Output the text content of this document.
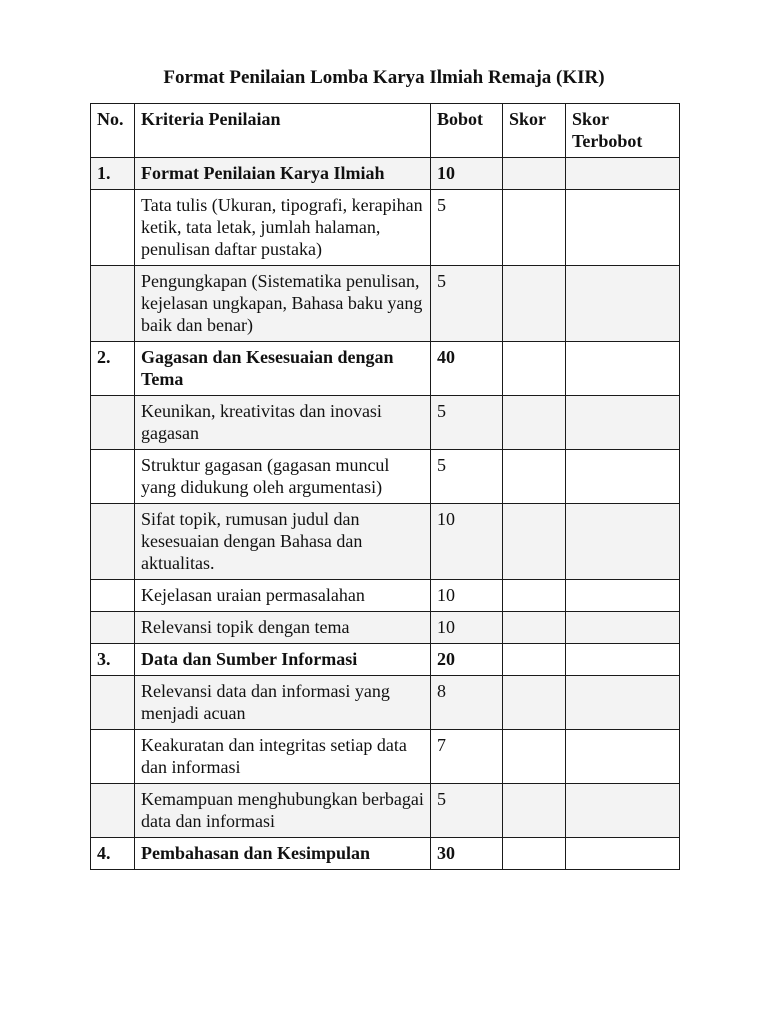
Format Penilaian Lomba Karya Ilmiah Remaja (KIR)
No.	Kriteria Penilaian	Bobot	Skor	Skor Terbobot
1.	Format Penilaian Karya Ilmiah	10		
	Tata tulis (Ukuran, tipografi, kerapihan ketik, tata letak, jumlah halaman, penulisan daftar pustaka)	5		
	Pengungkapan (Sistematika penulisan, kejelasan ungkapan, Bahasa baku yang baik dan benar)	5		
2.	Gagasan dan Kesesuaian dengan Tema	40		
	Keunikan, kreativitas dan inovasi gagasan	5		
	Struktur gagasan (gagasan muncul yang didukung oleh argumentasi)	5		
	Sifat topik, rumusan judul dan kesesuaian dengan Bahasa dan aktualitas.	10		
	Kejelasan uraian permasalahan	10		
	Relevansi topik dengan tema	10		
3.	Data dan Sumber Informasi	20		
	Relevansi data dan informasi yang menjadi acuan	8		
	Keakuratan dan integritas setiap data dan informasi	7		
	Kemampuan menghubungkan berbagai data dan informasi	5		
4.	Pembahasan dan Kesimpulan	30		
